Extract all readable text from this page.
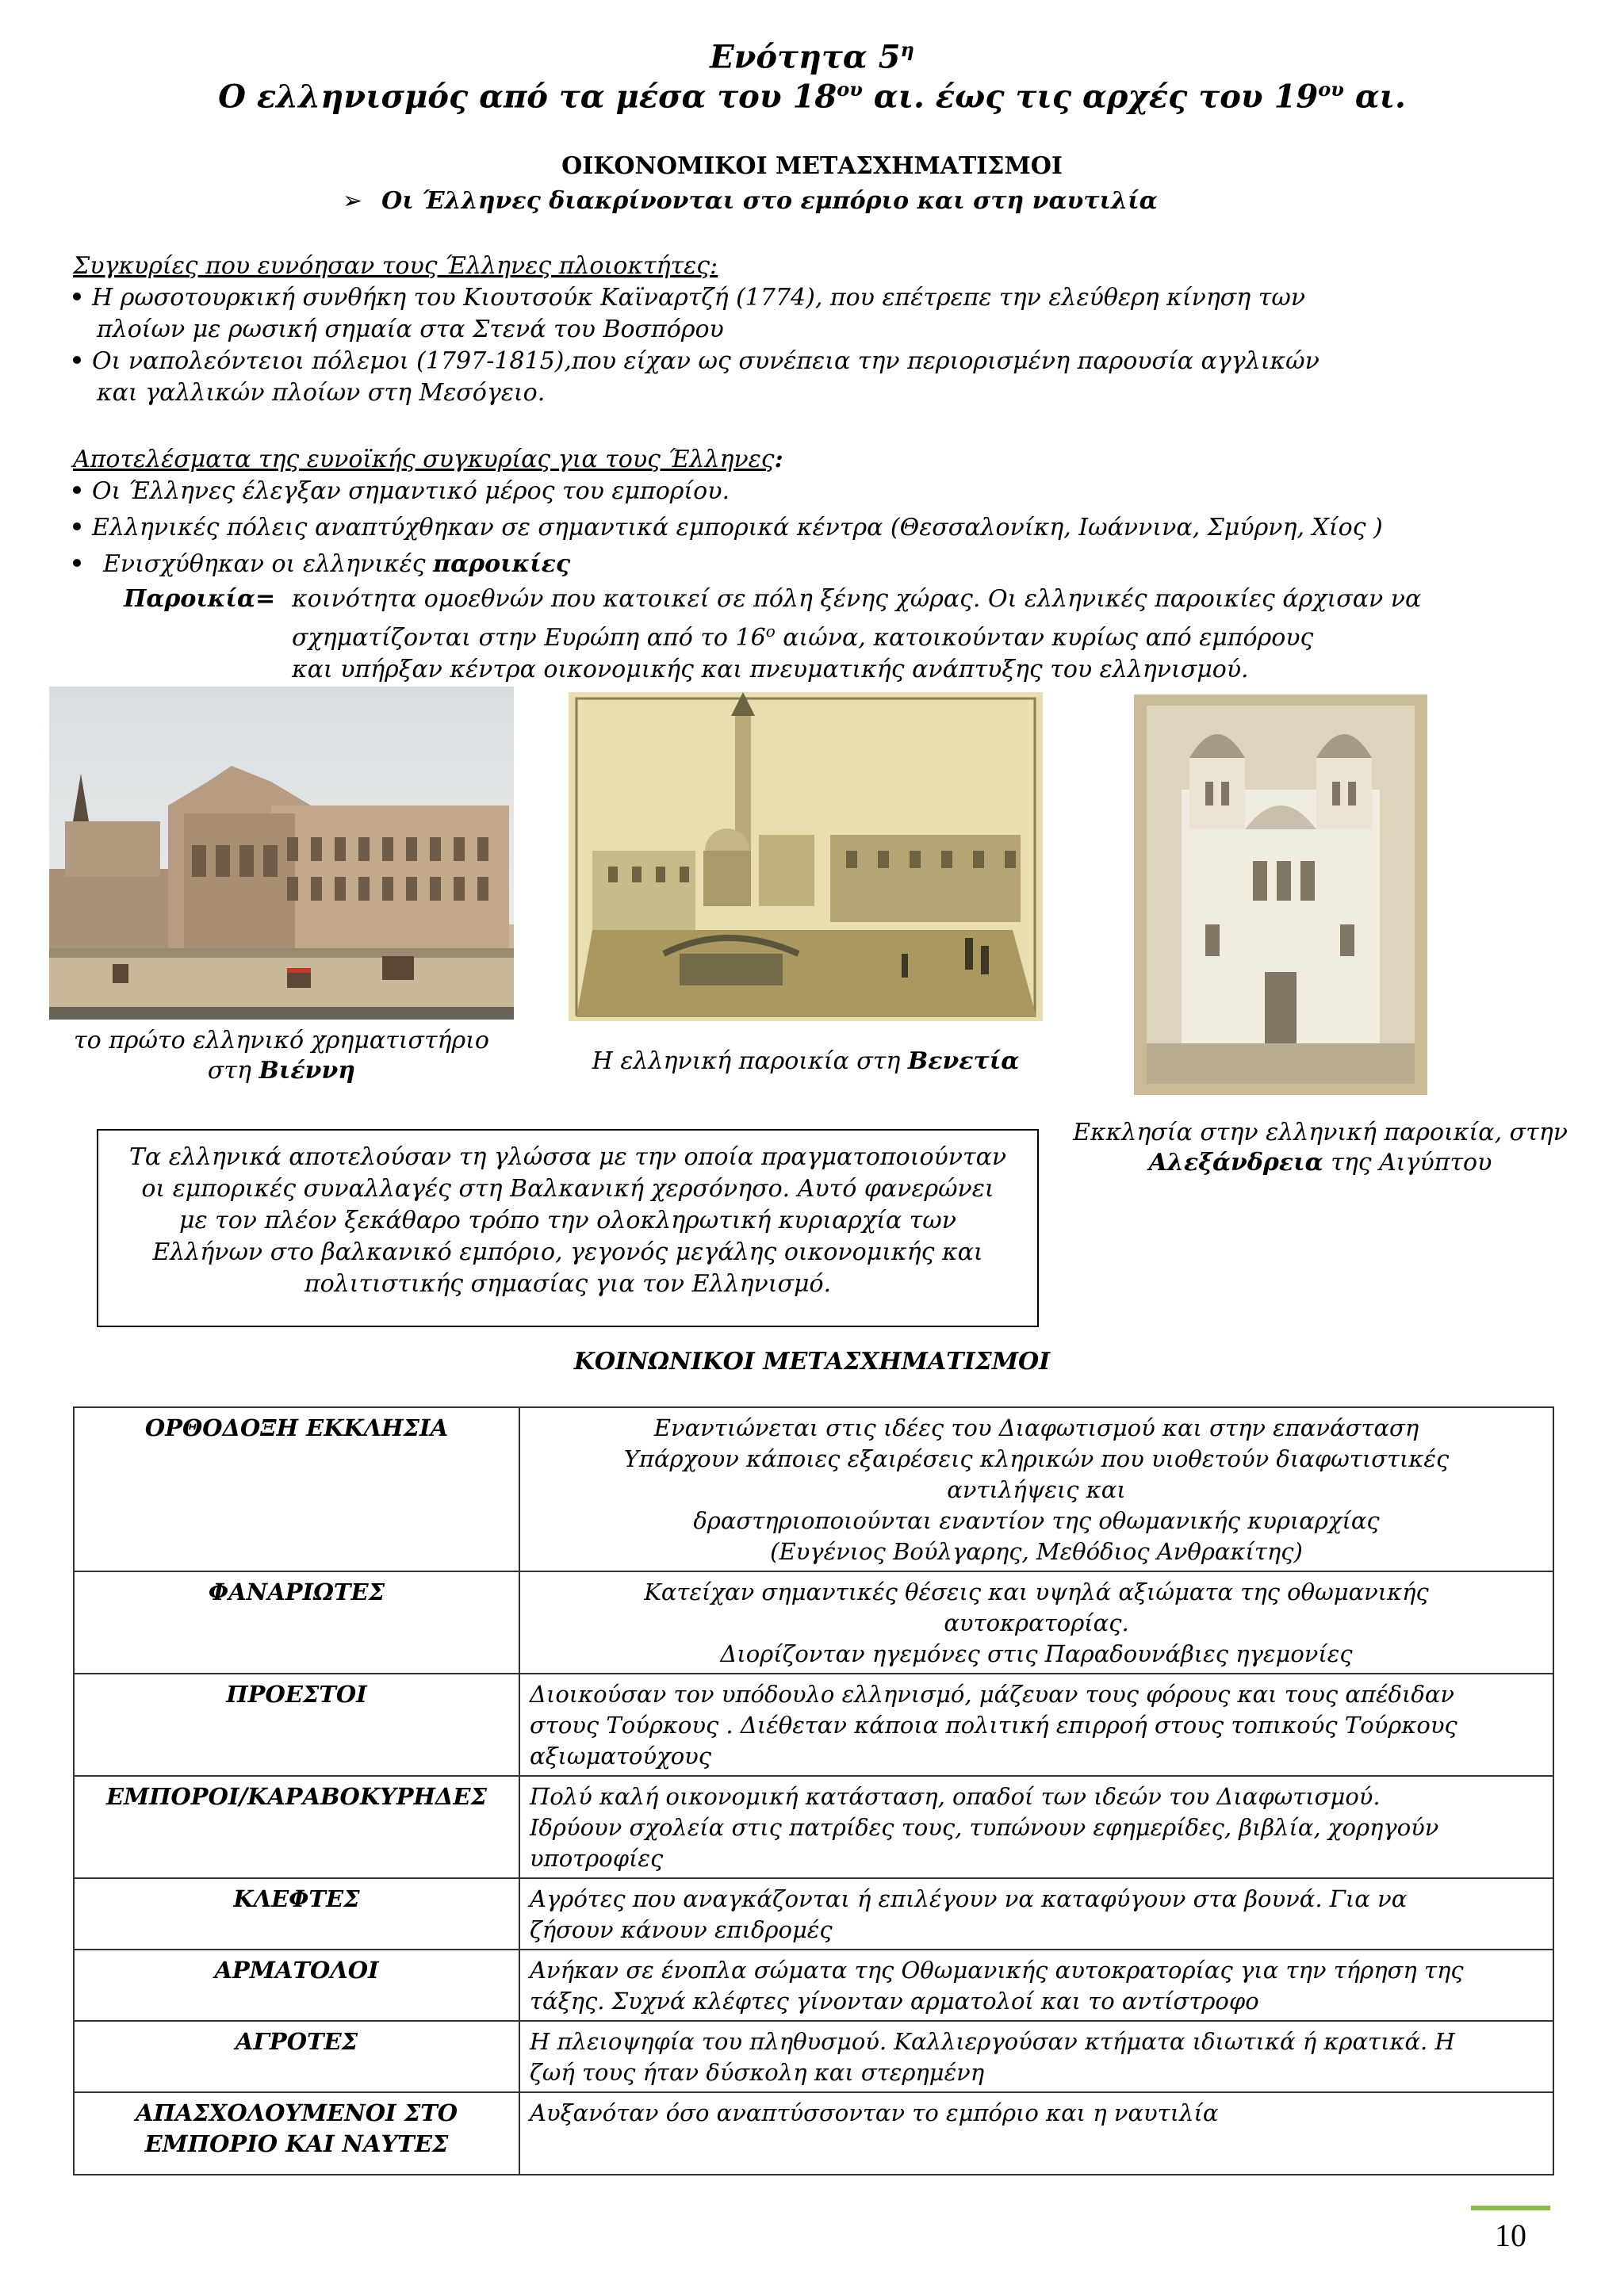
Ενότητα $5^\eta$
Ο ελληνισμός από τα μέσα του $18^{o\upsilon}$ αι. έως τις αρχές του $19^{o\upsilon}$ αι.
ΟΙΚΟΝΟΜΙΚΟΙ ΜΕΤΑΣΧΗΜΑΤΙΣΜΟΙ
➢ Οι Έλληνες διακρίνονται στο εμπόριο και στη ναυτιλία
Συγκυρίες που ευνόησαν τους Έλληνες πλοιοκτήτες:
Η ρωσοτουρκική συνθήκη του Κιουτσούκ Καϊναρτζή (1774), που επέτρεπε την ελεύθερη κίνηση των
πλοίων με ρωσική σημαία στα Στενά του Βοσπόρου
Οι ναπολεόντειοι πόλεμοι (1797-1815),που είχαν ως συνέπεια την περιορισμένη παρουσία αγγλικών
και γαλλικών πλοίων στη Μεσόγειο.
Αποτελέσματα της ευνοϊκής συγκυρίας για τους Έλληνες:
Οι Έλληνες έλεγξαν σημαντικό μέρος του εμπορίου.
Ελληνικές πόλεις αναπτύχθηκαν σε σημαντικά εμπορικά κέντρα (Θεσσαλονίκη, Ιωάννινα, Σμύρνη, Χίος )
Ενισχύθηκαν οι ελληνικές παροικίες
Παροικία= κοινότητα ομοεθνών που κατοικεί σε πόλη ξένης χώρας. Οι ελληνικές παροικίες άρχισαν να
σχηματίζονται στην Ευρώπη από το $16^o$ αιώνα, κατοικούνταν κυρίως από εμπόρους
και υπήρξαν κέντρα οικονομικής και πνευματικής ανάπτυξης του ελληνισμού.
το πρώτο ελληνικό χρηματιστήριο
στη Βιέννη	Η ελληνική παροικία στη Βενετία
Εκκλησία στην ελληνική παροικία, στην
Αλεξάνδρεια της Αιγύπτου
Τα ελληνικά αποτελούσαν τη γλώσσα με την οποία πραγματοποιούνταν
οι εμπορικές συναλλαγές στη Βαλκανική χερσόνησο. Αυτό φανερώνει
με τον πλέον ξεκάθαρο τρόπο την ολοκληρωτική κυριαρχία των
Ελλήνων στο βαλκανικό εμπόριο, γεγονός μεγάλης οικονομικής και
πολιτιστικής σημασίας για τον Ελληνισμό.
ΚΟΙΝΩΝΙΚΟΙ ΜΕΤΑΣΧΗΜΑΤΙΣΜΟΙ
ΟΡΘΟΔΟΞΗ ΕΚΚΛΗΣΙΑ	Εναντιώνεται στις ιδέες του Διαφωτισμού και στην επανάσταση
Υπάρχουν κάποιες εξαιρέσεις κληρικών που υιοθετούν διαφωτιστικές
αντιλήψεις και
δραστηριοποιούνται εναντίον της οθωμανικής κυριαρχίας
(Ευγένιος Βούλγαρης, Μεθόδιος Ανθρακίτης)
ΦΑΝΑΡΙΩΤΕΣ	Κατείχαν σημαντικές θέσεις και υψηλά αξιώματα της οθωμανικής
αυτοκρατορίας.
Διορίζονταν ηγεμόνες στις Παραδουνάβιες ηγεμονίες
ΠΡΟΕΣΤΟΙ	Διοικούσαν τον υπόδουλο ελληνισμό, μάζευαν τους φόρους και τους απέδιδαν
στους Τούρκους . Διέθεταν κάποια πολιτική επιρροή στους τοπικούς Τούρκους
αξιωματούχους
ΕΜΠΟΡΟΙ/ΚΑΡΑΒΟΚΥΡΗΔΕΣ	Πολύ καλή οικονομική κατάσταση, οπαδοί των ιδεών του Διαφωτισμού.
Ιδρύουν σχολεία στις πατρίδες τους, τυπώνουν εφημερίδες, βιβλία, χορηγούν
υποτροφίες
ΚΛΕΦΤΕΣ	Αγρότες που αναγκάζονται ή επιλέγουν να καταφύγουν στα βουνά. Για να
ζήσουν κάνουν επιδρομές
ΑΡΜΑΤΟΛΟΙ	Ανήκαν σε ένοπλα σώματα της Οθωμανικής αυτοκρατορίας για την τήρηση της
τάξης. Συχνά κλέφτες γίνονταν αρματολοί και το αντίστροφο
ΑΓΡΟΤΕΣ	Η πλειοψηφία του πληθυσμού. Καλλιεργούσαν κτήματα ιδιωτικά ή κρατικά. Η
ζωή τους ήταν δύσκολη και στερημένη
ΑΠΑΣΧΟΛΟΥΜΕΝΟΙ ΣΤΟ
ΕΜΠΟΡΙΟ ΚΑΙ ΝΑΥΤΕΣ	Αυξανόταν όσο αναπτύσσονταν το εμπόριο και η ναυτιλία
10
